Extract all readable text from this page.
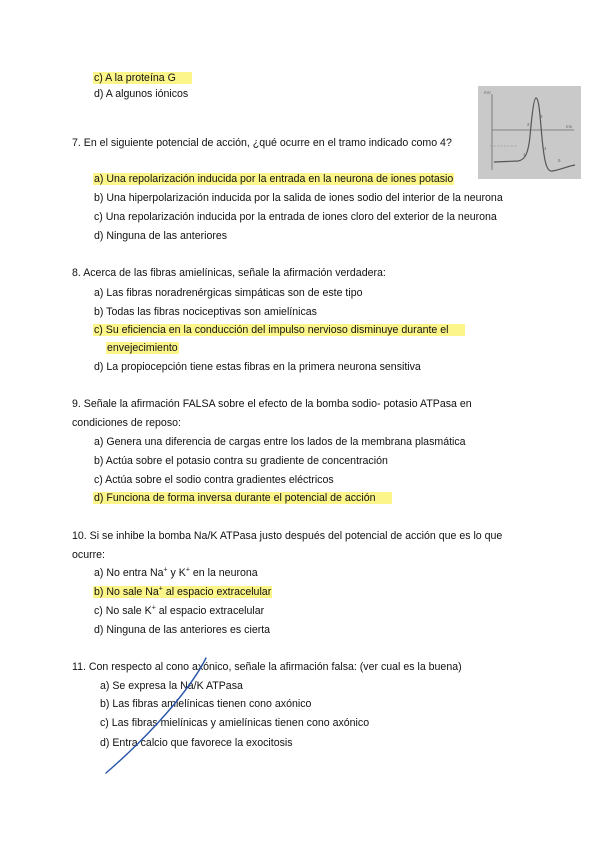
c) A la proteína G
d) A algunos iónicos
7. En el siguiente potencial de acción, ¿qué ocurre en el tramo indicado como 4?
a) Una repolarización inducida por la entrada en la neurona de iones potasio
b) Una hiperpolarización inducida por la salida de iones sodio del interior de la neurona
c) Una repolarización inducida por la entrada de iones cloro del exterior de la neurona
d) Ninguna de las anteriores
mV
1
2
3
4
5
ms
8. Acerca de las fibras amielínicas, señale la afirmación verdadera:
a) Las fibras noradrenérgicas simpáticas son de este tipo
b) Todas las fibras nociceptivas son amielínicas
c) Su eficiencia en la conducción del impulso nervioso disminuye durante el
envejecimiento
d) La propiocepción tiene estas fibras en la primera neurona sensitiva
9. Señale la afirmación FALSA sobre el efecto de la bomba sodio- potasio ATPasa en
condiciones de reposo:
a) Genera una diferencia de cargas entre los lados de la membrana plasmática
b) Actúa sobre el potasio contra su gradiente de concentración
c) Actúa sobre el sodio contra gradientes eléctricos
d) Funciona de forma inversa durante el potencial de acción
10. Si se inhibe la bomba Na/K ATPasa justo después del potencial de acción que es lo que
ocurre:
a) No entra Na+ y K+ en la neurona
b) No sale Na+ al espacio extracelular
c) No sale K+ al espacio extracelular
d) Ninguna de las anteriores es cierta
11. Con respecto al cono axónico, señale la afirmación falsa: (ver cual es la buena)
a) Se expresa la Na/K ATPasa
b) Las fibras amielínicas tienen cono axónico
c) Las fibras mielínicas y amielínicas tienen cono axónico
d) Entra calcio que favorece la exocitosis
